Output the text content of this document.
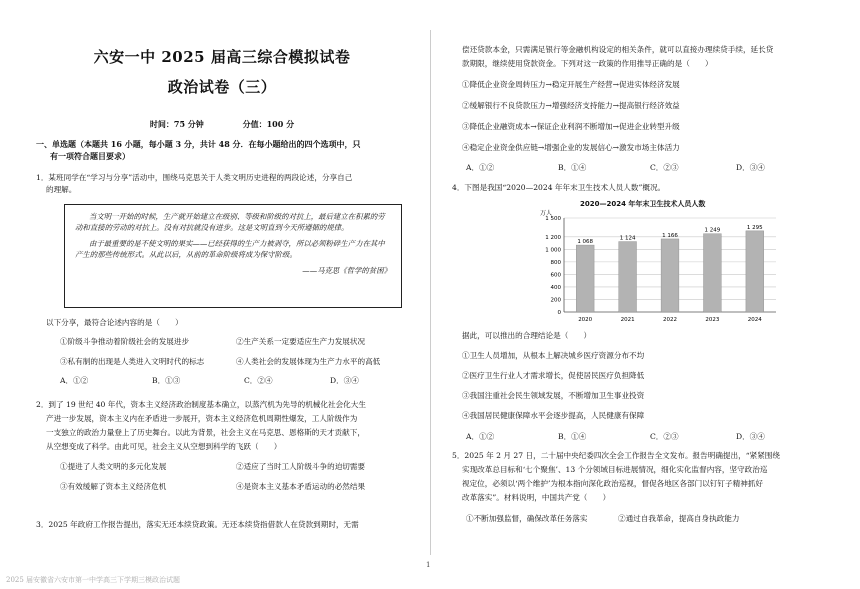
六安一中 2025 届高三综合模拟试卷
政治试卷（三）
时间：75 分钟	分值：100 分
一、单选题（本题共 16 小题，每小题 3 分，共计 48 分．在每小题给出的四个选项中，只
有一项符合题目要求）
1．某班同学在“学习与分享”活动中，围绕马克思关于人类文明历史进程的两段论述，分享自己
的理解。

当文明一开始的时候，生产就开始建立在级别、等级和阶级的对抗上，最后建立在积累的劳动和直接的劳动的对抗上。没有对抗就没有进步。这是文明直到今天所遵循的规律。

由于最重要的是不使文明的果实——已经获得的生产力被剥夺，所以必须粉碎生产力在其中产生的那些传统形式。从此以后，从前的革命阶级将成为保守阶级。

——马克思《哲学的贫困》

以下分享，最符合论述内容的是（　　）
①阶级斗争推动着阶级社会的发展进步	②生产关系一定要适应生产力发展状况
③私有制的出现是人类进入文明时代的标志	④人类社会的发展体现为生产力水平的高低
A．①②	B．①③	C．②④	D．③④
2．到了 19 世纪 40 年代，资本主义经济政治制度基本确立，以蒸汽机为先导的机械化社会化大生
产进一步发展，资本主义内在矛盾进一步展开，资本主义经济危机周期性爆发，工人阶级作为
一支独立的政治力量登上了历史舞台。以此为背景，社会主义在马克思、恩格斯的天才贡献下，
从空想变成了科学。由此可见，社会主义从空想到科学的飞跃（　　）
①提进了人类文明的多元化发展	②适应了当时工人阶级斗争的迫切需要
③有效缓解了资本主义经济危机	④是资本主义基本矛盾运动的必然结果
3．2025 年政府工作报告提出，落实无还本续贷政策。无还本续贷指借款人在贷款到期时，无需
偿还贷款本金，只需满足银行等金融机构设定的相关条件，就可以直接办理续贷手续，延长贷
款期限，继续使用贷款资金。下列对这一政策的作用推导正确的是（　　）
①降低企业资金周转压力→稳定开展生产经营→促进实体经济发展
②缓解银行不良贷款压力→增强经济支持能力→提高银行经济效益
③降低企业融资成本→保证企业利润不断增加→促进企业转型升级
④稳定企业资金供应链→增强企业的发展信心→激发市场主体活力
A．①②	B．①④	C．②③	D．③④
4．下图是我国“2020—2024 年年末卫生技术人员人数”概况。
据此，可以推出的合理结论是（　　）
①卫生人员增加，从根本上解决城乡医疗资源分布不均
②医疗卫生行业人才需求增长，促使居民医疗负担降低
③我国注重社会民生领域发展，不断增加卫生事业投资
④我国居民健康保障水平会逐步提高，人民健康有保障
A．①②	B．①④	C．②③	D．③④
5．2025 年 2 月 27 日，二十届中央纪委四次全会工作报告全文发布。报告明确提出，“紧紧围绕
实现改革总目标和‘七个聚焦’、13 个分领域目标进展情况，细化实化监督内容，坚守政治巡
视定位，必须以‘两个维护’为根本指向深化政治巡视，督促各地区各部门以钉钉子精神抓好
改革落实”。材料说明，中国共产党（　　）
①不断加强监督，确保改革任务落实	②通过自我革命，提高自身执政能力
2020—2024 年年末卫生技术人员人数
万人
0
200
400
600
800
1 000
1 200
1 500
1 068
2020
1 124
2021
1 166
2022
1 249
2023
1 295
2024
1
2025 届安徽省六安市第一中学高三下学期三模政治试题
